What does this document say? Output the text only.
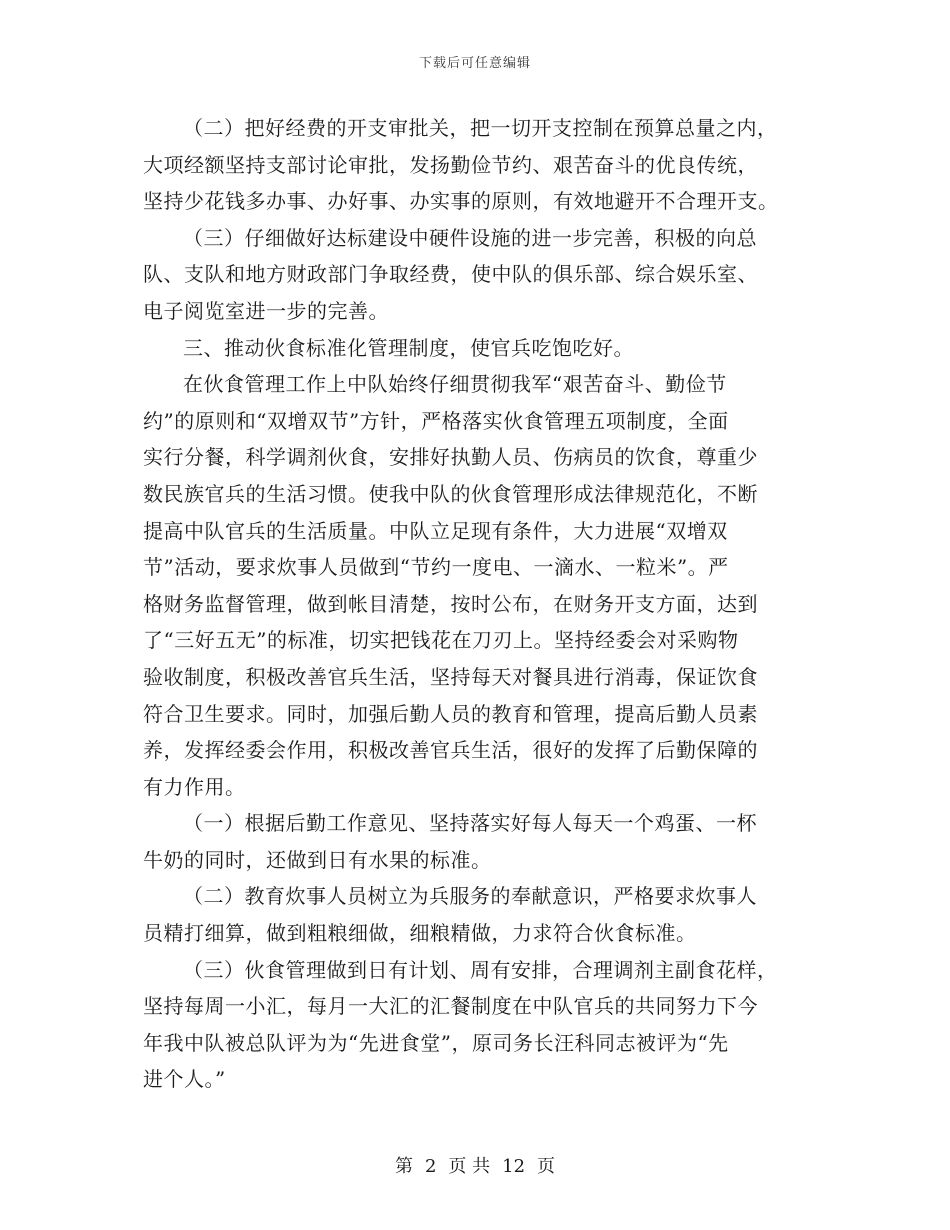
下载后可任意编辑

（二）把好经费的开支审批关，把一切开支控制在预算总量之内，
大项经额坚持支部讨论审批，发扬勤俭节约、艰苦奋斗的优良传统，
坚持少花钱多办事、办好事、办实事的原则，有效地避开不合理开支。

（三）仔细做好达标建设中硬件设施的进一步完善，积极的向总
队、支队和地方财政部门争取经费，使中队的俱乐部、综合娱乐室、
电子阅览室进一步的完善。

三、推动伙食标准化管理制度，使官兵吃饱吃好。

在伙食管理工作上中队始终仔细贯彻我军“艰苦奋斗、勤俭节
约”的原则和“双增双节”方针，严格落实伙食管理五项制度，全面
实行分餐，科学调剂伙食，安排好执勤人员、伤病员的饮食，尊重少
数民族官兵的生活习惯。使我中队的伙食管理形成法律规范化，不断
提高中队官兵的生活质量。中队立足现有条件，大力进展“双增双
节”活动，要求炊事人员做到“节约一度电、一滴水、一粒米”。严
格财务监督管理，做到帐目清楚，按时公布，在财务开支方面，达到
了“三好五无”的标准，切实把钱花在刀刃上。坚持经委会对采购物
验收制度，积极改善官兵生活，坚持每天对餐具进行消毒，保证饮食
符合卫生要求。同时，加强后勤人员的教育和管理，提高后勤人员素
养，发挥经委会作用，积极改善官兵生活，很好的发挥了后勤保障的
有力作用。

（一）根据后勤工作意见、坚持落实好每人每天一个鸡蛋、一杯
牛奶的同时，还做到日有水果的标准。

（二）教育炊事人员树立为兵服务的奉献意识，严格要求炊事人
员精打细算，做到粗粮细做，细粮精做，力求符合伙食标准。

（三）伙食管理做到日有计划、周有安排，合理调剂主副食花样，
坚持每周一小汇，每月一大汇的汇餐制度在中队官兵的共同努力下今
年我中队被总队评为为“先进食堂”，原司务长汪科同志被评为“先
进个人。”

第 2 页 共 12 页
